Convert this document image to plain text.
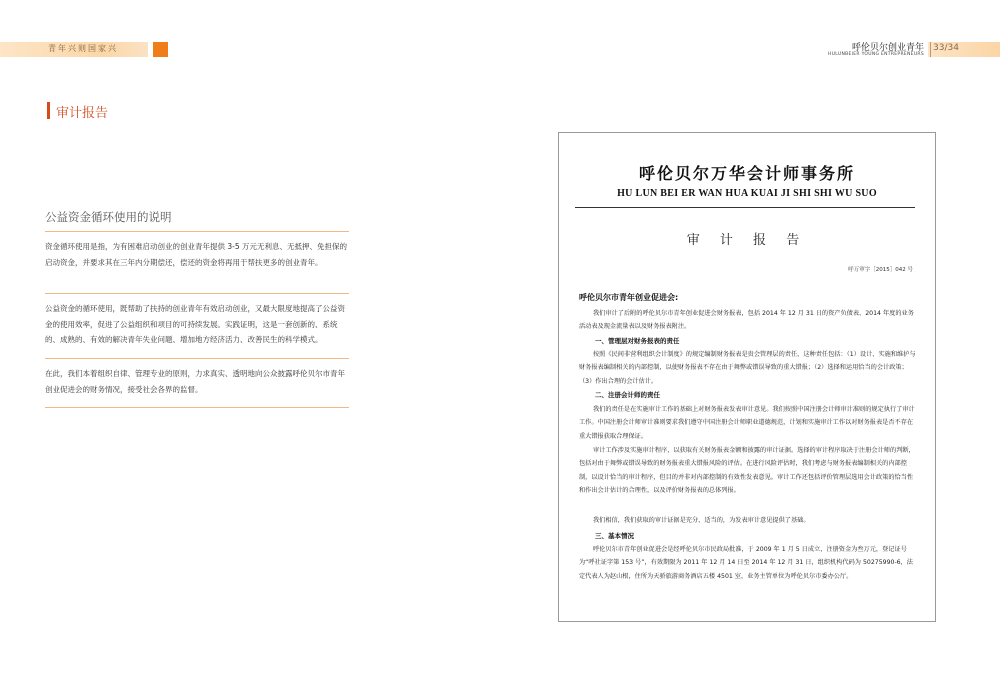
青年兴则国家兴	呼伦贝尔创业青年
HULUNBEIER YOUNG ENTREPRENEURS
33/34
审计报告
公益资金循环使用的说明

资金循环使用是指，为有困难启动创业的创业青年提供 3-5 万元无利息、无抵押、免担保的启动资金，并要求其在三年内分期偿还，偿还的资金将再用于帮扶更多的创业青年。

公益资金的循环使用，既帮助了扶持的创业青年有效启动创业，又最大限度地提高了公益资金的使用效率，促进了公益组织和项目的可持续发展。实践证明，这是一套创新的、系统的、成熟的、有效的解决青年失业问题、增加地方经济活力、改善民生的科学模式。

在此，我们本着组织自律、管理专业的原则，力求真实、透明地向公众披露呼伦贝尔市青年创业促进会的财务情况，接受社会各界的监督。

呼伦贝尔万华会计师事务所
HU LUN BEI ER WAN HUA KUAI JI SHI SHI WU SUO
审 计 报 告
呼万审字［2015］042 号
呼伦贝尔市青年创业促进会:

我们审计了后附的呼伦贝尔市青年创业促进会财务报表，包括 2014 年 12 月 31 日的资产负债表、2014 年度的业务活动表及现金流量表以及财务报表附注。

一、管理层对财务报表的责任

按照《民间非营利组织会计制度》的规定编制财务报表是贵会管理层的责任，这种责任包括：（1）设计、实施和维护与财务报表编制相关的内部控制，以使财务报表不存在由于舞弊或错误导致的重大错报；（2）选择和运用恰当的会计政策；（3）作出合理的会计估计。

二、注册会计师的责任

我们的责任是在实施审计工作的基础上对财务报表发表审计意见。我们按照中国注册会计师审计准则的规定执行了审计工作。中国注册会计师审计准则要求我们遵守中国注册会计师职业道德规范，计划和实施审计工作以对财务报表是否不存在重大错报获取合理保证。

审计工作涉及实施审计程序，以获取有关财务报表金额和披露的审计证据。选择的审计程序取决于注册会计师的判断，包括对由于舞弊或错误导致的财务报表重大错报风险的评估。在进行风险评估时，我们考虑与财务报表编制相关的内部控制，以设计恰当的审计程序，但目的并非对内部控制的有效性发表意见。审计工作还包括评价管理层选用会计政策的恰当性和作出会计估计的合理性，以及评价财务报表的总体列报。

我们相信，我们获取的审计证据是充分、适当的，为发表审计意见提供了基础。

三、基本情况

呼伦贝尔市青年创业促进会是经呼伦贝尔市民政局批准，于 2009 年 1 月 5 日成立，注册资金为叁万元，登记证号为“呼社证字第 153 号”，有效期限为 2011 年 12 月 14 日至 2014 年 12 月 31 日，组织机构代码为 50275990-6，法定代表人为赵山根，住所为天骄旅游商务酒店五楼 4501 室，业务主管单位为呼伦贝尔市委办公厅。
